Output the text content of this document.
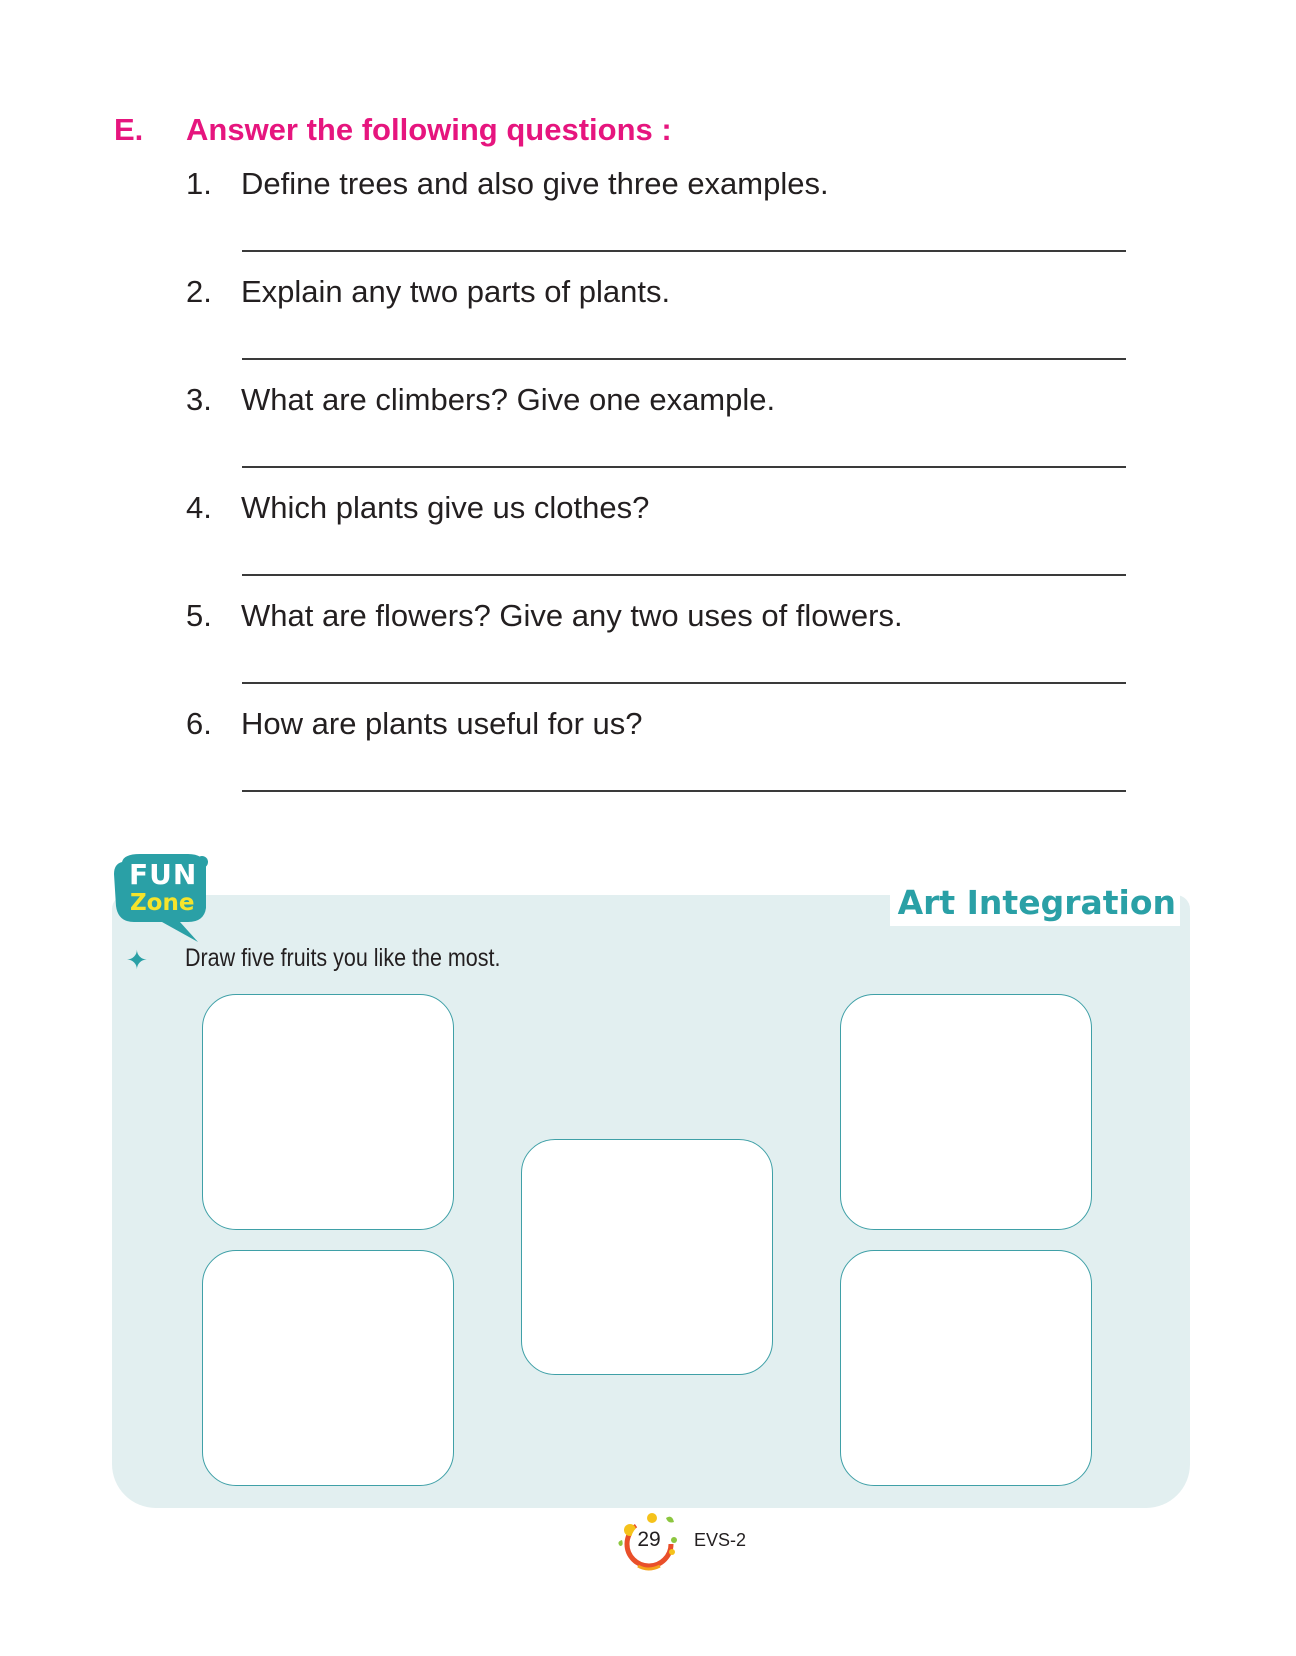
E. Answer the following questions :
1. Define trees and also give three examples.
2. Explain any two parts of plants.
3. What are climbers? Give one example.
4. Which plants give us clothes?
5. What are flowers? Give any two uses of flowers.
6. How are plants useful for us?
Art Integration
FUN
Zone
✦ Draw five fruits you like the most.
29	EVS-2
